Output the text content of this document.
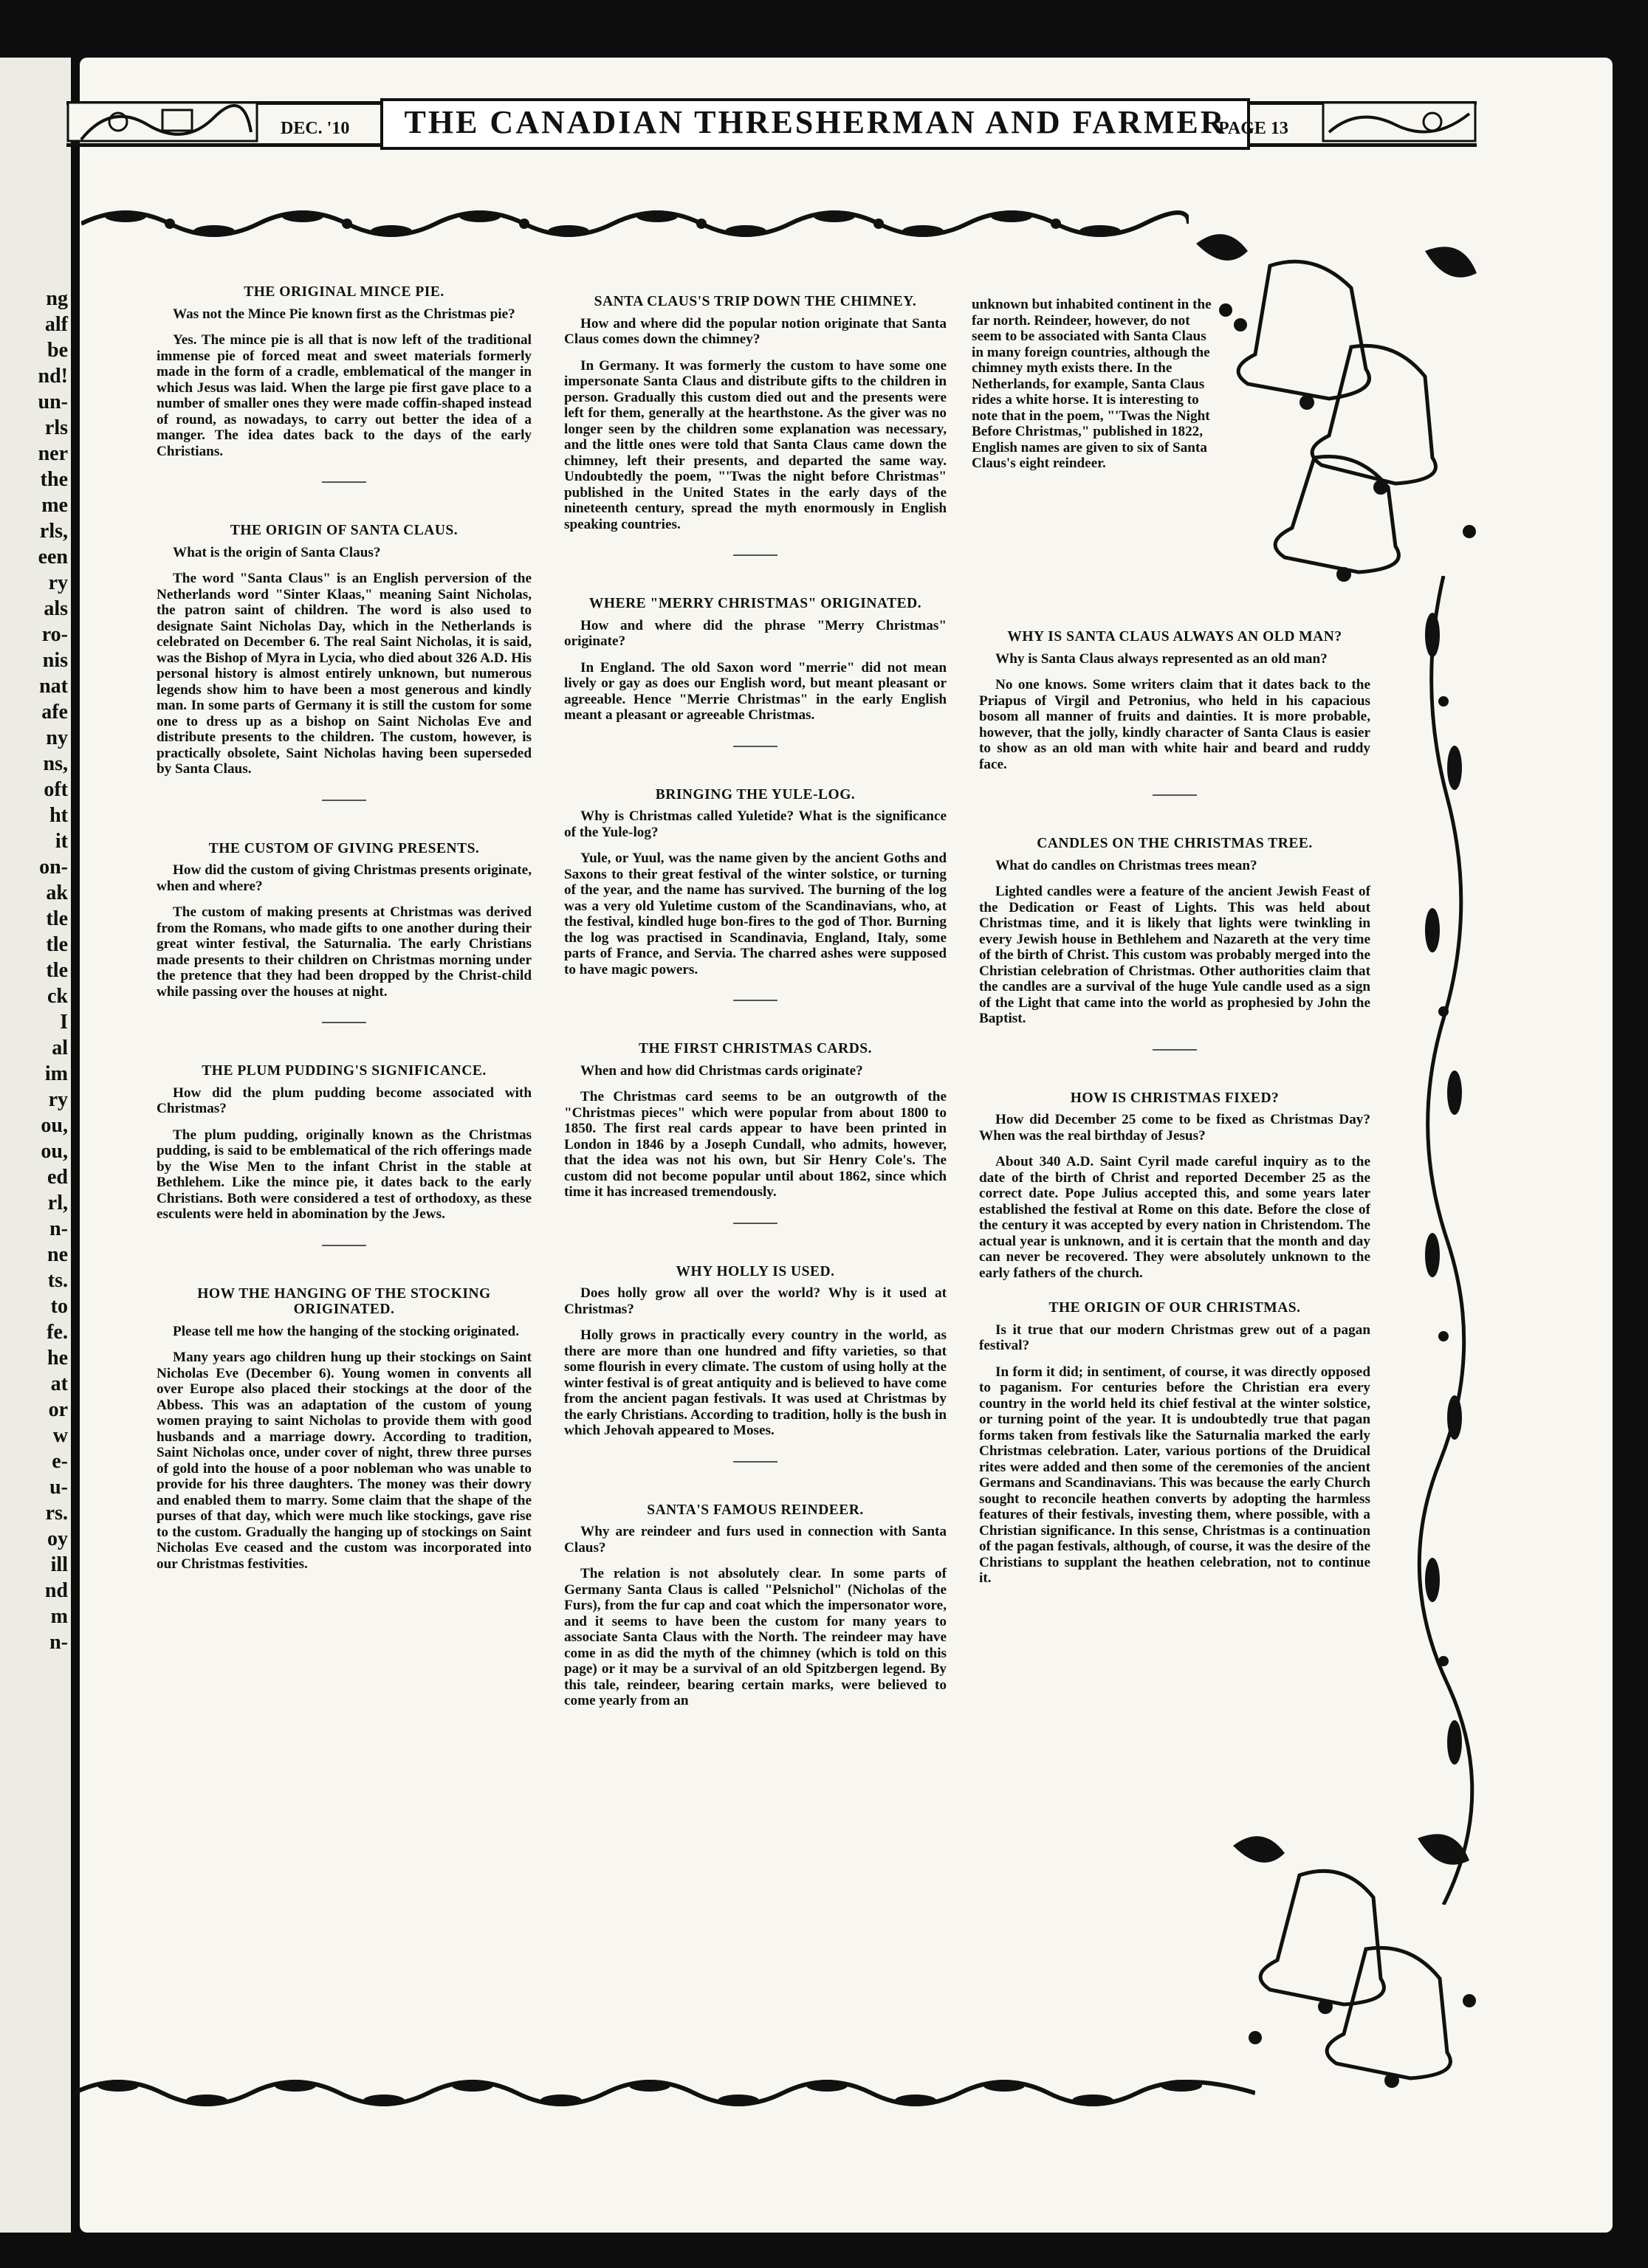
ng
alf
be
nd!
un-
rls
ner
the
me
rls,
een
ry
als
ro-
nis
nat
afe
ny
ns,
oft
ht
it
on-
ak
tle
tle
tle
ck
I
al
im
ry
ou,
ou,
ed
rl,
n-
ne
ts.
to
fe.
he
at
or
w
e-
u-
rs.
oy
ill
nd
m
n-
DEC. '10	THE CANADIAN THRESHERMAN AND FARMER
PAGE 13
THE ORIGINAL MINCE PIE.

Was not the Mince Pie known first as the Christmas pie?

Yes. The mince pie is all that is now left of the traditional immense pie of forced meat and sweet materials formerly made in the form of a cradle, emblematical of the manger in which Jesus was laid. When the large pie first gave place to a number of smaller ones they were made coffin-shaped instead of round, as nowadays, to carry out better the idea of a manger. The idea dates back to the days of the early Christians.

THE ORIGIN OF SANTA CLAUS.

What is the origin of Santa Claus?

The word "Santa Claus" is an English perversion of the Netherlands word "Sinter Klaas," meaning Saint Nicholas, the patron saint of children. The word is also used to designate Saint Nicholas Day, which in the Netherlands is celebrated on December 6. The real Saint Nicholas, it is said, was the Bishop of Myra in Lycia, who died about 326 A.D. His personal history is almost entirely unknown, but numerous legends show him to have been a most generous and kindly man. In some parts of Germany it is still the custom for some one to dress up as a bishop on Saint Nicholas Eve and distribute presents to the children. The custom, however, is practically obsolete, Saint Nicholas having been superseded by Santa Claus.

THE CUSTOM OF GIVING PRESENTS.

How did the custom of giving Christmas presents originate, when and where?

The custom of making presents at Christmas was derived from the Romans, who made gifts to one another during their great winter festival, the Saturnalia. The early Christians made presents to their children on Christmas morning under the pretence that they had been dropped by the Christ-child while passing over the houses at night.

THE PLUM PUDDING'S SIGNIFICANCE.

How did the plum pudding become associated with Christmas?

The plum pudding, originally known as the Christmas pudding, is said to be emblematical of the rich offerings made by the Wise Men to the infant Christ in the stable at Bethlehem. Like the mince pie, it dates back to the early Christians. Both were considered a test of orthodoxy, as these esculents were held in abomination by the Jews.

HOW THE HANGING OF THE STOCKING ORIGINATED.

Please tell me how the hanging of the stocking originated.

Many years ago children hung up their stockings on Saint Nicholas Eve (December 6). Young women in convents all over Europe also placed their stockings at the door of the Abbess. This was an adaptation of the custom of young women praying to saint Nicholas to provide them with good husbands and a marriage dowry. According to tradition, Saint Nicholas once, under cover of night, threw three purses of gold into the house of a poor nobleman who was unable to provide for his three daughters. The money was their dowry and enabled them to marry. Some claim that the shape of the purses of that day, which were much like stockings, gave rise to the custom. Gradually the hanging up of stockings on Saint Nicholas Eve ceased and the custom was incorporated into our Christmas festivities.

SANTA CLAUS'S TRIP DOWN THE CHIMNEY.

How and where did the popular notion originate that Santa Claus comes down the chimney?

In Germany. It was formerly the custom to have some one impersonate Santa Claus and distribute gifts to the children in person. Gradually this custom died out and the presents were left for them, generally at the hearthstone. As the giver was no longer seen by the children some explanation was necessary, and the little ones were told that Santa Claus came down the chimney, left their presents, and departed the same way. Undoubtedly the poem, "'Twas the night before Christmas" published in the United States in the early days of the nineteenth century, spread the myth enormously in English speaking countries.

WHERE "MERRY CHRISTMAS" ORIGINATED.

How and where did the phrase "Merry Christmas" originate?

In England. The old Saxon word "merrie" did not mean lively or gay as does our English word, but meant pleasant or agreeable. Hence "Merrie Christmas" in the early English meant a pleasant or agreeable Christmas.

BRINGING THE YULE-LOG.

Why is Christmas called Yuletide? What is the significance of the Yule-log?

Yule, or Yuul, was the name given by the ancient Goths and Saxons to their great festival of the winter solstice, or turning of the year, and the name has survived. The burning of the log was a very old Yuletime custom of the Scandinavians, who, at the festival, kindled huge bon-fires to the god of Thor. Burning the log was practised in Scandinavia, England, Italy, some parts of France, and Servia. The charred ashes were supposed to have magic powers.

THE FIRST CHRISTMAS CARDS.

When and how did Christmas cards originate?

The Christmas card seems to be an outgrowth of the "Christmas pieces" which were popular from about 1800 to 1850. The first real cards appear to have been printed in London in 1846 by a Joseph Cundall, who admits, however, that the idea was not his own, but Sir Henry Cole's. The custom did not become popular until about 1862, since which time it has increased tremendously.

WHY HOLLY IS USED.

Does holly grow all over the world? Why is it used at Christmas?

Holly grows in practically every country in the world, as there are more than one hundred and fifty varieties, so that some flourish in every climate. The custom of using holly at the winter festival is of great antiquity and is believed to have come from the ancient pagan festivals. It was used at Christmas by the early Christians. According to tradition, holly is the bush in which Jehovah appeared to Moses.

SANTA'S FAMOUS REINDEER.

Why are reindeer and furs used in connection with Santa Claus?

The relation is not absolutely clear. In some parts of Germany Santa Claus is called "Pelsnichol" (Nicholas of the Furs), from the fur cap and coat which the impersonator wore, and it seems to have been the custom for many years to associate Santa Claus with the North. The reindeer may have come in as did the myth of the chimney (which is told on this page) or it may be a survival of an old Spitzbergen legend. By this tale, reindeer, bearing certain marks, were believed to come yearly from an

unknown but inhabited continent in the far north. Reindeer, however, do not seem to be associated with Santa Claus in many foreign countries, although the chimney myth exists there. In the Netherlands, for example, Santa Claus rides a white horse. It is interesting to note that in the poem, "'Twas the Night Before Christmas," published in 1822, English names are given to six of Santa Claus's eight reindeer.

WHY IS SANTA CLAUS ALWAYS AN OLD MAN?

Why is Santa Claus always represented as an old man?

No one knows. Some writers claim that it dates back to the Priapus of Virgil and Petronius, who held in his capacious bosom all manner of fruits and dainties. It is more probable, however, that the jolly, kindly character of Santa Claus is easier to show as an old man with white hair and beard and ruddy face.

CANDLES ON THE CHRISTMAS TREE.

What do candles on Christmas trees mean?

Lighted candles were a feature of the ancient Jewish Feast of the Dedication or Feast of Lights. This was held about Christmas time, and it is likely that lights were twinkling in every Jewish house in Bethlehem and Nazareth at the very time of the birth of Christ. This custom was probably merged into the Christian celebration of Christmas. Other authorities claim that the candles are a survival of the huge Yule candle used as a sign of the Light that came into the world as prophesied by John the Baptist.

HOW IS CHRISTMAS FIXED?

How did December 25 come to be fixed as Christmas Day? When was the real birthday of Jesus?

About 340 A.D. Saint Cyril made careful inquiry as to the date of the birth of Christ and reported December 25 as the correct date. Pope Julius accepted this, and some years later established the festival at Rome on this date. Before the close of the century it was accepted by every nation in Christendom. The actual year is unknown, and it is certain that the month and day can never be recovered. They were absolutely unknown to the early fathers of the church.

THE ORIGIN OF OUR CHRISTMAS.

Is it true that our modern Christmas grew out of a pagan festival?

In form it did; in sentiment, of course, it was directly opposed to paganism. For centuries before the Christian era every country in the world held its chief festival at the winter solstice, or turning point of the year. It is undoubtedly true that pagan forms taken from festivals like the Saturnalia marked the early Christmas celebration. Later, various portions of the Druidical rites were added and then some of the ceremonies of the ancient Germans and Scandinavians. This was because the early Church sought to reconcile heathen converts by adopting the harmless features of their festivals, investing them, where possible, with a Christian significance. In this sense, Christmas is a continuation of the pagan festivals, although, of course, it was the desire of the Christians to supplant the heathen celebration, not to continue it.
